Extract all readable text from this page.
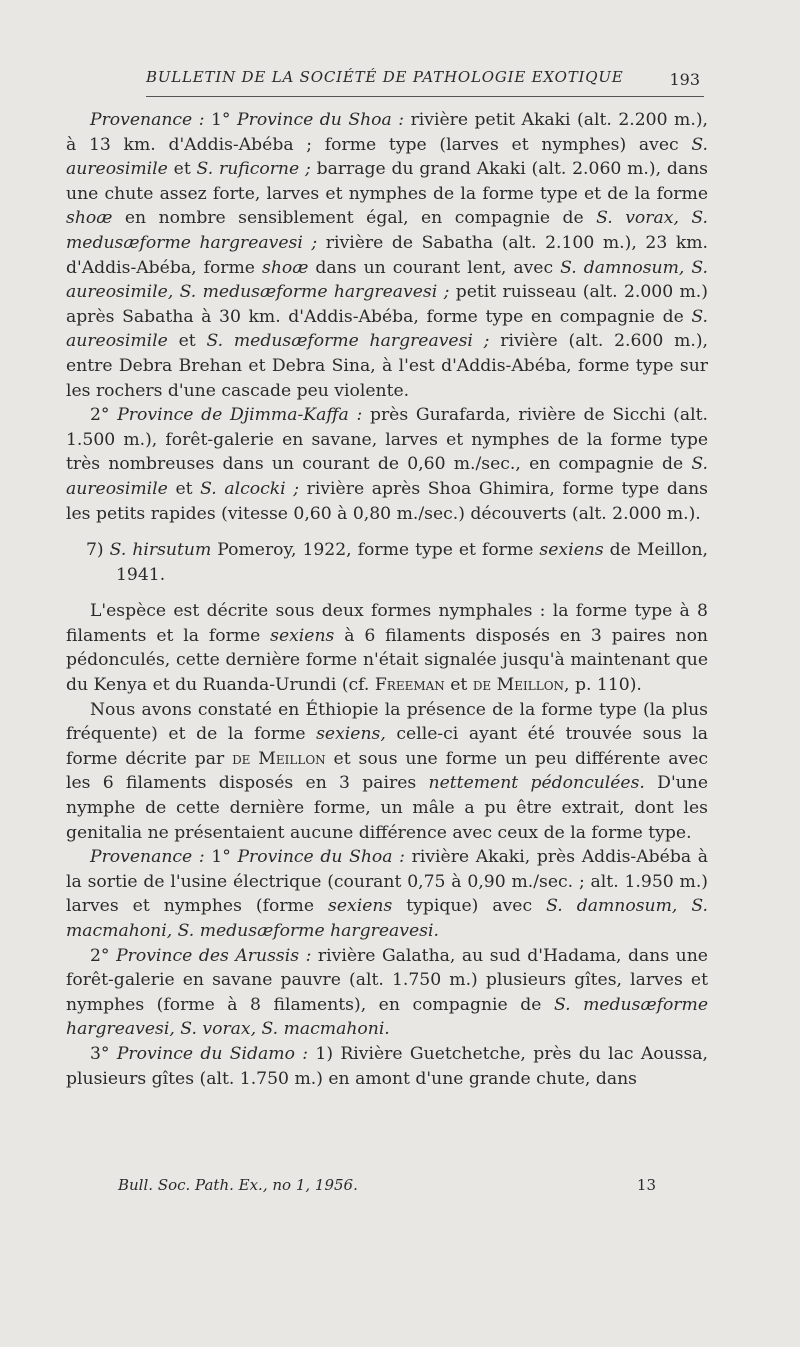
BULLETIN DE LA SOCIÉTÉ DE PATHOLOGIE EXOTIQUE	193

Provenance : 1° Province du Shoa : rivière petit Akaki (alt. 2.200 m.), à 13 km. d'Addis-Abéba ; forme type (larves et nymphes) avec S. aureosimile et S. ruficorne ; barrage du grand Akaki (alt. 2.060 m.), dans une chute assez forte, larves et nymphes de la forme type et de la forme shoæ en nombre sensiblement égal, en compagnie de S. vorax, S. medusæforme hargreavesi ; rivière de Sabatha (alt. 2.100 m.), 23 km. d'Addis-Abéba, forme shoæ dans un courant lent, avec S. damnosum, S. aureosimile, S. medusæforme hargreavesi ; petit ruisseau (alt. 2.000 m.) après Sabatha à 30 km. d'Addis-Abéba, forme type en compagnie de S. aureosimile et S. medusæforme hargreavesi ; rivière (alt. 2.600 m.), entre Debra Brehan et Debra Sina, à l'est d'Addis-Abéba, forme type sur les rochers d'une cascade peu violente.

2° Province de Djimma-Kaffa : près Gurafarda, rivière de Sicchi (alt. 1.500 m.), forêt-galerie en savane, larves et nymphes de la forme type très nombreuses dans un courant de 0,60 m./sec., en compagnie de S. aureosimile et S. alcocki ; rivière après Shoa Ghimira, forme type dans les petits rapides (vitesse 0,60 à 0,80 m./sec.) découverts (alt. 2.000 m.).

7) S. hirsutum Pomeroy, 1922, forme type et forme sexiens de Meillon, 1941.

L'espèce est décrite sous deux formes nymphales : la forme type à 8 filaments et la forme sexiens à 6 filaments disposés en 3 paires non pédonculés, cette dernière forme n'était signalée jusqu'à maintenant que du Kenya et du Ruanda-Urundi (cf. Freeman et de Meillon, p. 110).

Nous avons constaté en Éthiopie la présence de la forme type (la plus fréquente) et de la forme sexiens, celle-ci ayant été trouvée sous la forme décrite par de Meillon et sous une forme un peu différente avec les 6 filaments disposés en 3 paires nettement pédonculées. D'une nymphe de cette dernière forme, un mâle a pu être extrait, dont les genitalia ne présentaient aucune différence avec ceux de la forme type.

Provenance : 1° Province du Shoa : rivière Akaki, près Addis-Abéba à la sortie de l'usine électrique (courant 0,75 à 0,90 m./sec. ; alt. 1.950 m.) larves et nymphes (forme sexiens typique) avec S. damnosum, S. macmahoni, S. medusæforme hargreavesi.

2° Province des Arussis : rivière Galatha, au sud d'Hadama, dans une forêt-galerie en savane pauvre (alt. 1.750 m.) plusieurs gîtes, larves et nymphes (forme à 8 filaments), en compagnie de S. medusæforme hargreavesi, S. vorax, S. macmahoni.

3° Province du Sidamo : 1) Rivière Guetchetche, près du lac Aoussa, plusieurs gîtes (alt. 1.750 m.) en amont d'une grande chute, dans

Bull. Soc. Path. Ex., no 1, 1956.	13
